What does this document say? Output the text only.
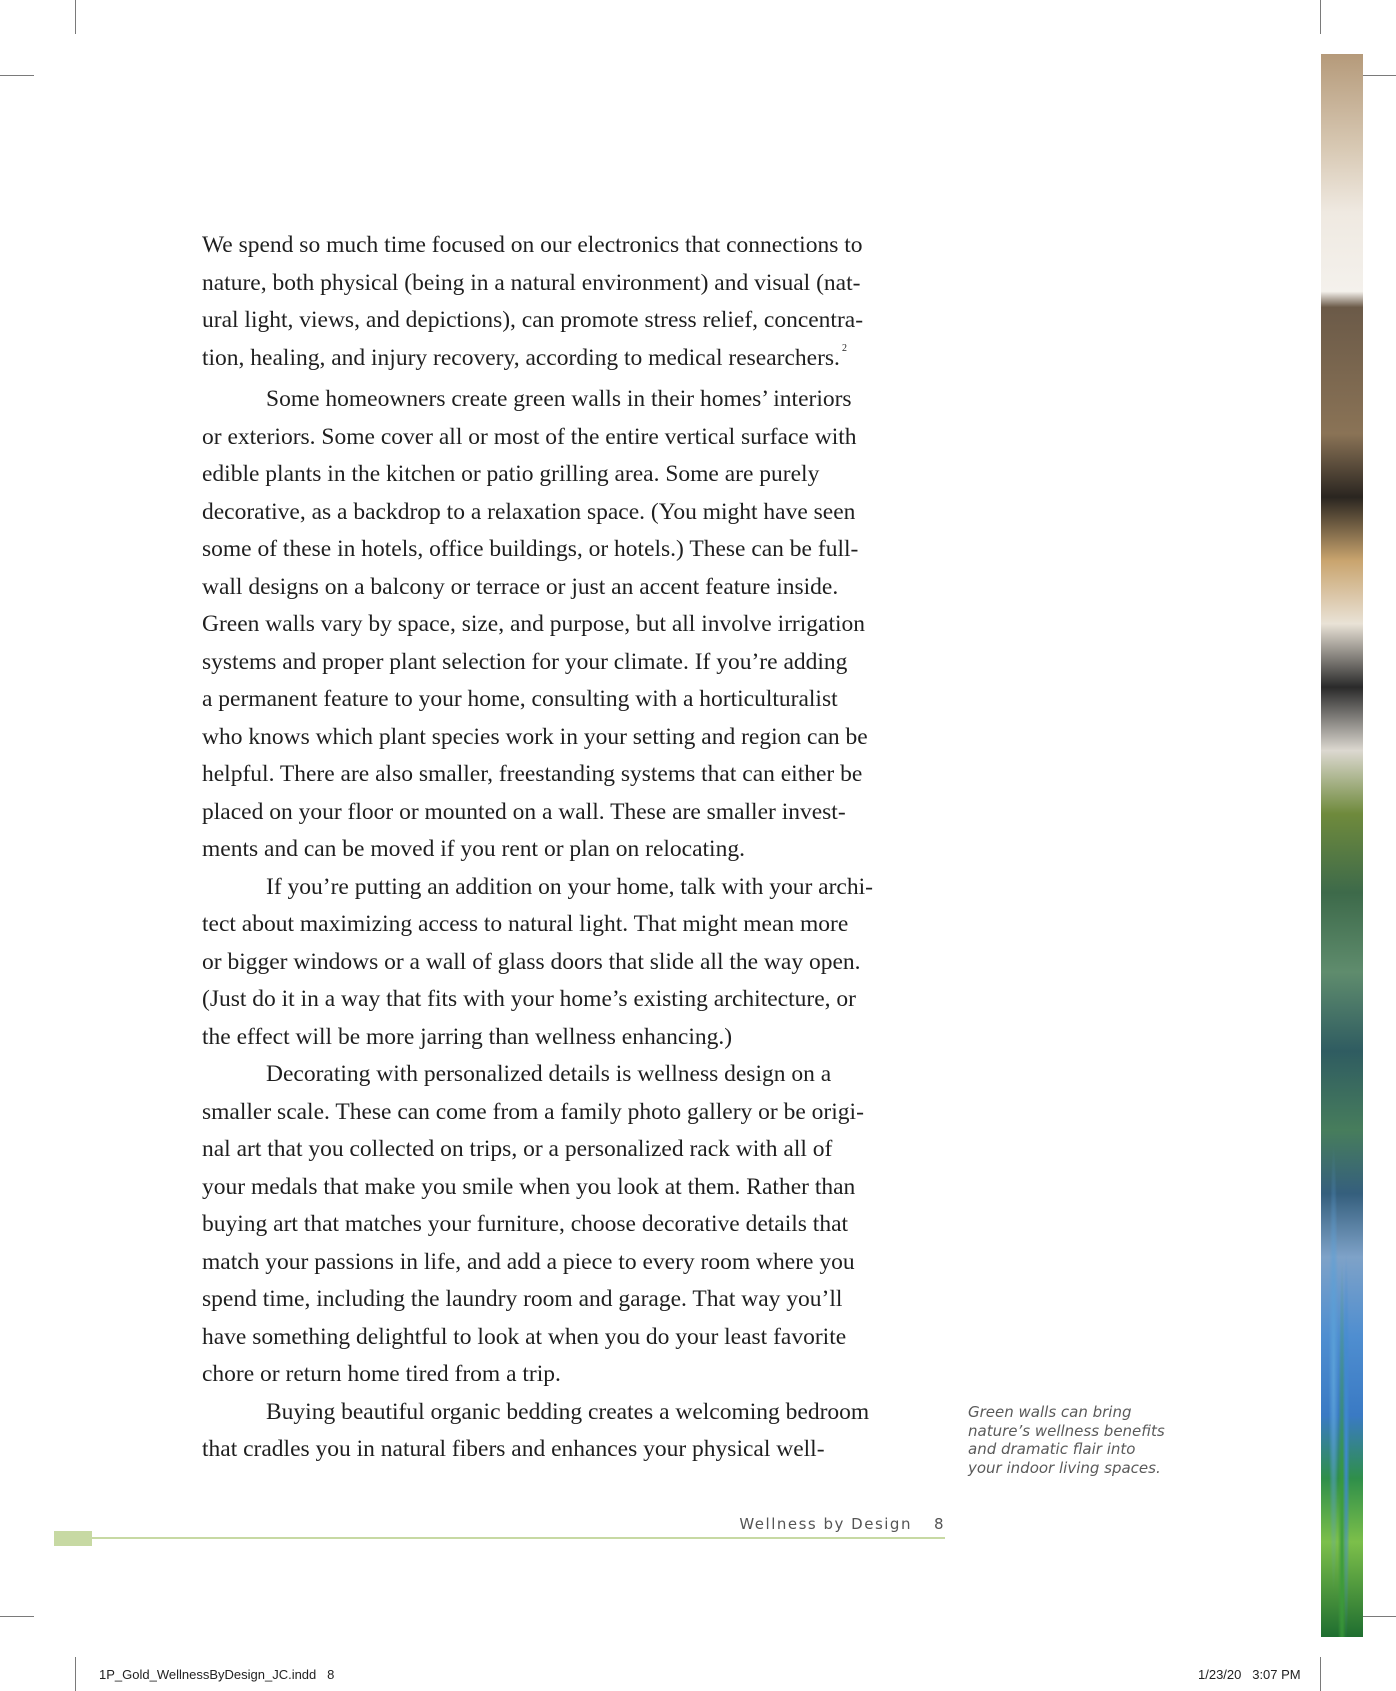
We spend so much time focused on our electronics that connections to
nature, both physical (being in a natural environment) and visual (nat-
ural light, views, and depictions), can promote stress relief, concentra-
tion, healing, and injury recovery, according to medical researchers. $^2$
Some homeowners create green walls in their homes’ interiors
or exteriors. Some cover all or most of the entire vertical surface with
edible plants in the kitchen or patio grilling area. Some are purely
decorative, as a backdrop to a relaxation space. (You might have seen
some of these in hotels, office buildings, or hotels.) These can be full-
wall designs on a balcony or terrace or just an accent feature inside.
Green walls vary by space, size, and purpose, but all involve irrigation
systems and proper plant selection for your climate. If you’re adding
a permanent feature to your home, consulting with a horticulturalist
who knows which plant species work in your setting and region can be
helpful. There are also smaller, freestanding systems that can either be
placed on your floor or mounted on a wall. These are smaller invest-
ments and can be moved if you rent or plan on relocating.
If you’re putting an addition on your home, talk with your archi-
tect about maximizing access to natural light. That might mean more
or bigger windows or a wall of glass doors that slide all the way open.
(Just do it in a way that fits with your home’s existing architecture, or
the effect will be more jarring than wellness enhancing.)
Decorating with personalized details is wellness design on a
smaller scale. These can come from a family photo gallery or be origi-
nal art that you collected on trips, or a personalized rack with all of
your medals that make you smile when you look at them. Rather than
buying art that matches your furniture, choose decorative details that
match your passions in life, and add a piece to every room where you
spend time, including the laundry room and garage. That way you’ll
have something delightful to look at when you do your least favorite
chore or return home tired from a trip.
Buying beautiful organic bedding creates a welcoming bedroom
that cradles you in natural fibers and enhances your physical well-
Green walls can bring
nature’s wellness benefits
and dramatic flair into
your indoor living spaces.
Wellness by Design 8
1P_Gold_WellnessByDesign_JC.indd   8	1/23/20   3:07 PM
